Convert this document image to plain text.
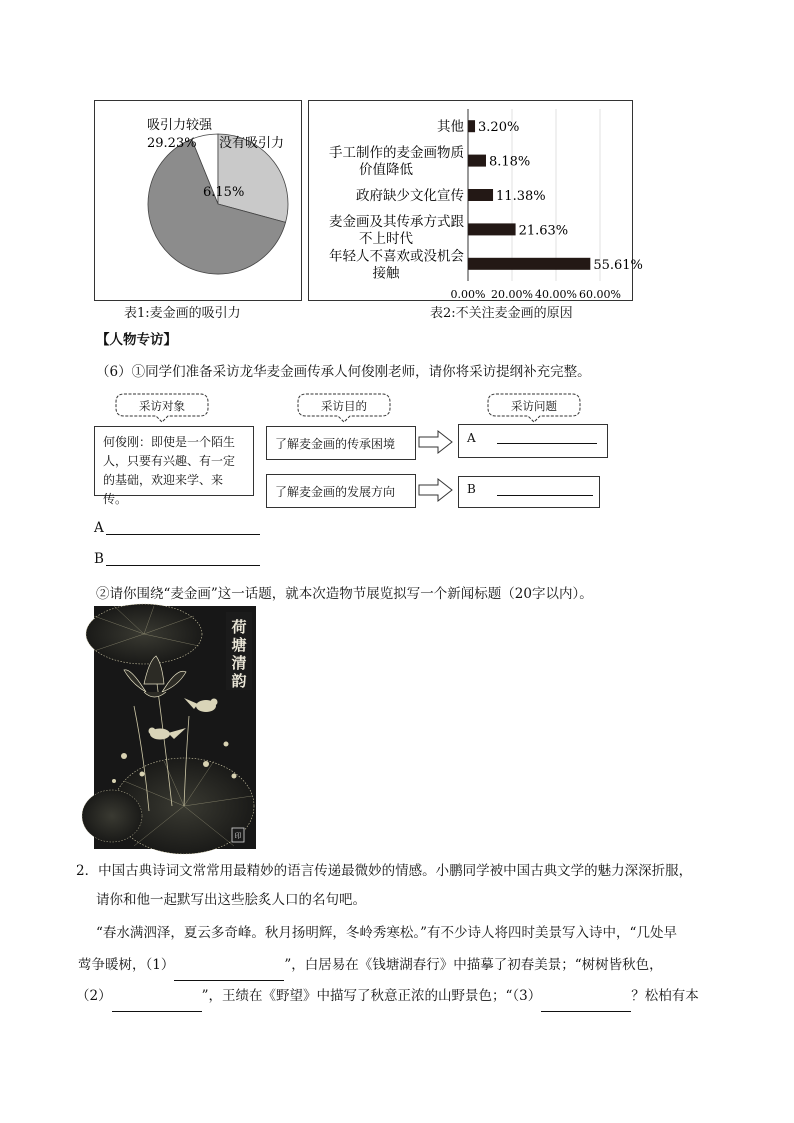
吸引力较强
29.23% 没有吸引力
6.15%
表1:麦金画的吸引力
0.00% 20.00% 40.00% 60.00%
3.20%
其他
8.18%
手工制作的麦金画物质
价值降低
11.38%
政府缺少文化宣传
21.63%
麦金画及其传承方式跟
不上时代
55.61%
年轻人不喜欢或没机会
接触
表2:不关注麦金画的原因
【人物专访】
（6）①同学们准备采访龙华麦金画传承人何俊刚老师，请你将采访提纲补充完整。
采访对象	采访目的	采访问题
何俊刚：即使是一个陌生人，只要有兴趣、有一定的基础，欢迎来学、来传。
了解麦金画的传承困境
了解麦金画的发展方向
A
B
A
B
②请你围绕“麦金画”这一话题，就本次造物节展览拟写一个新闻标题（20字以内）。
印
荷
塘
清
韵
2．中国古典诗词文常常用最精妙的语言传递最微妙的情感。小鹏同学被中国古典文学的魅力深深折服，
请你和他一起默写出这些脍炙人口的名句吧。
“春水满泗泽，夏云多奇峰。秋月扬明辉，冬岭秀寒松。”有不少诗人将四时美景写入诗中，“几处早
莺争暖树，（1）	”，白居易在《钱塘湖春行》中描摹了初春美景；“树树皆秋色，
（2）	”，王绩在《野望》中描写了秋意正浓的山野景色；“（3）	？松柏有本
